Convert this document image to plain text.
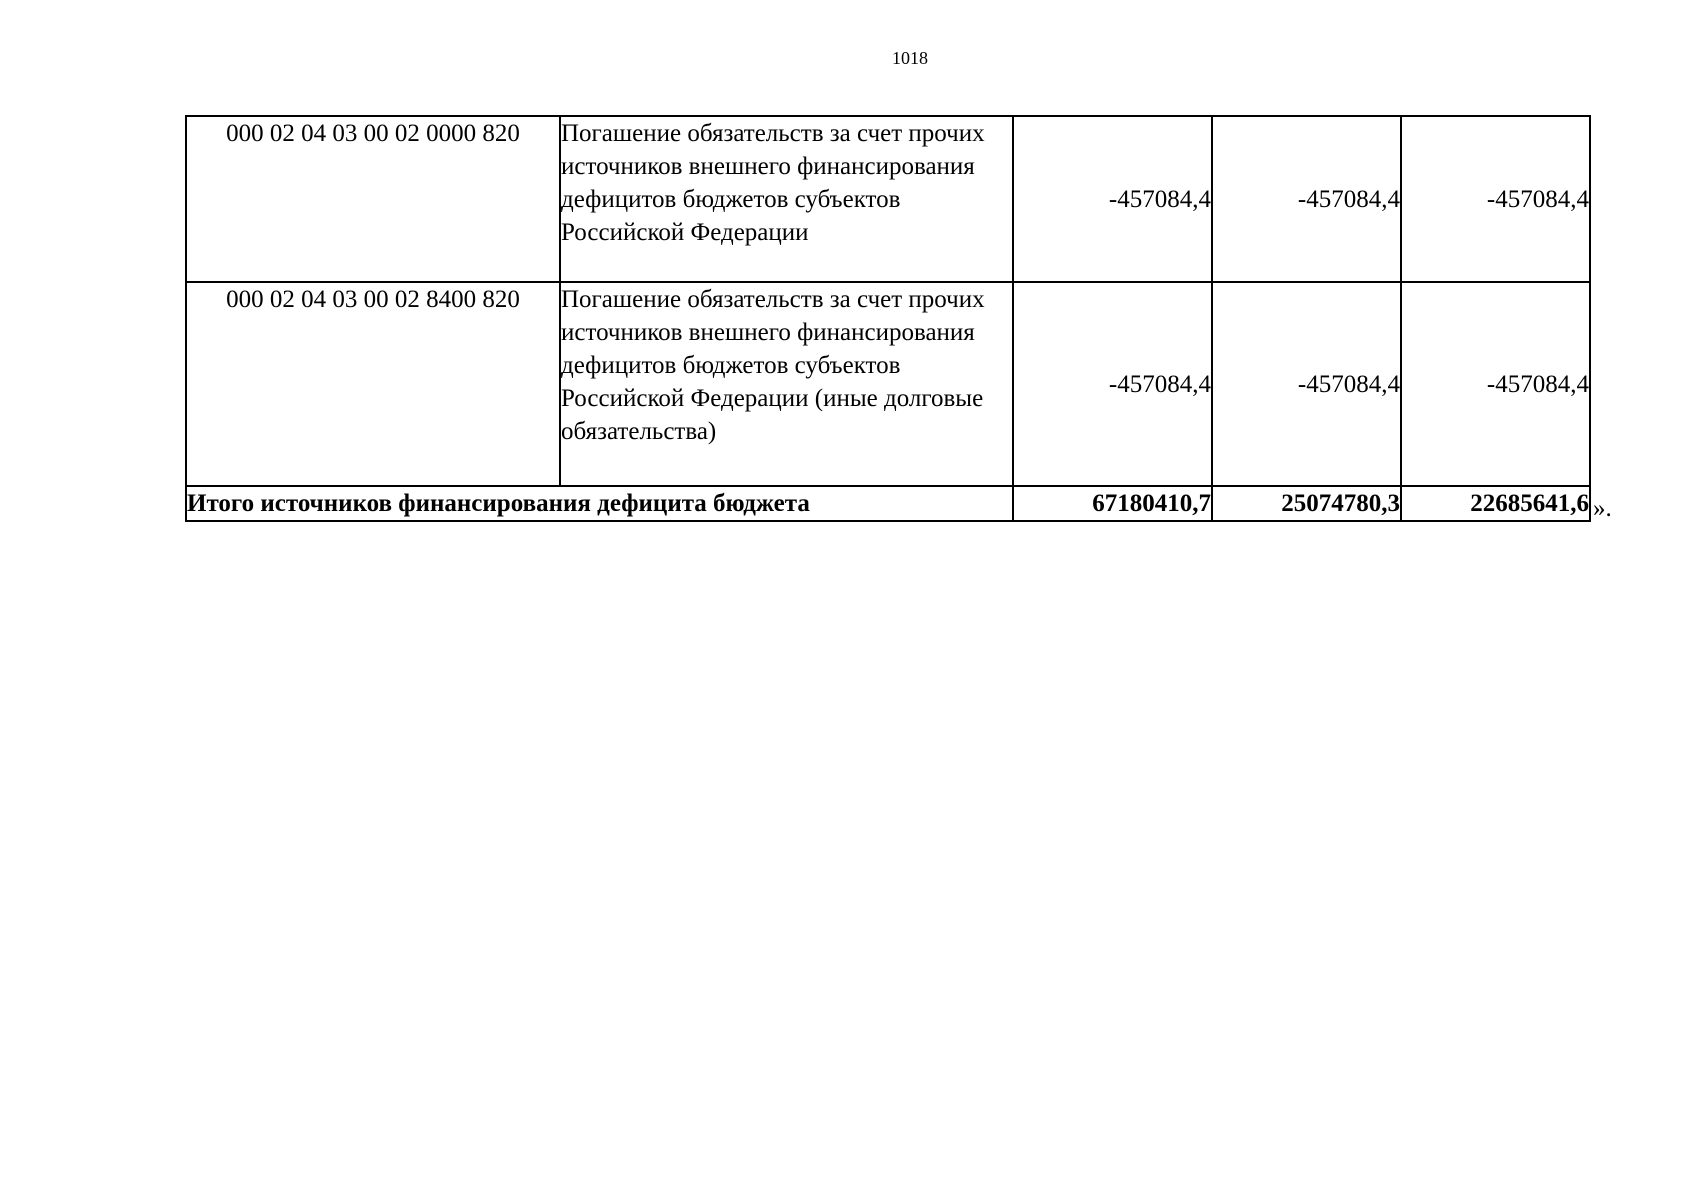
1018
000 02 04 03 00 02 0000 820	Погашение обязательств за счет прочих источников внешнего финансирования дефицитов бюджетов субъектов Российской Федерации	-457084,4	-457084,4	-457084,4
000 02 04 03 00 02 8400 820	Погашение обязательств за счет прочих источников внешнего финансирования дефицитов бюджетов субъектов Российской Федерации (иные долговые обязательства)	-457084,4	-457084,4	-457084,4
Итого источников финансирования дефицита бюджета		67180410,7	25074780,3	22685641,6 ».
